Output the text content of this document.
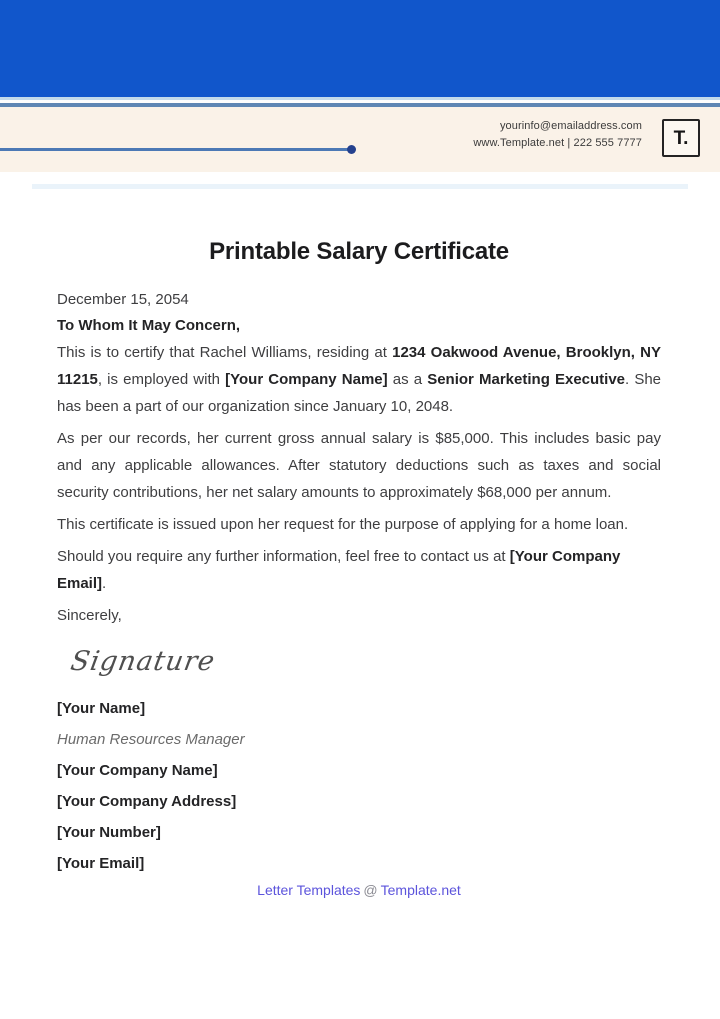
yourinfo@emailaddress.com
www.Template.net | 222 555 7777 T.
Printable Salary Certificate
December 15, 2054
To Whom It May Concern,

This is to certify that Rachel Williams, residing at 1234 Oakwood Avenue, Brooklyn, NY 11215, is employed with [Your Company Name] as a Senior Marketing Executive. She has been a part of our organization since January 10, 2048.

As per our records, her current gross annual salary is $85,000. This includes basic pay and any applicable allowances. After statutory deductions such as taxes and social security contributions, her net salary amounts to approximately $68,000 per annum.

This certificate is issued upon her request for the purpose of applying for a home loan.

Should you require any further information, feel free to contact us at [Your Company Email].

Sincerely,
Signature
[Your Name]
Human Resources Manager
[Your Company Name]
[Your Company Address]
[Your Number]
[Your Email]
Letter Templates @ Template.net
